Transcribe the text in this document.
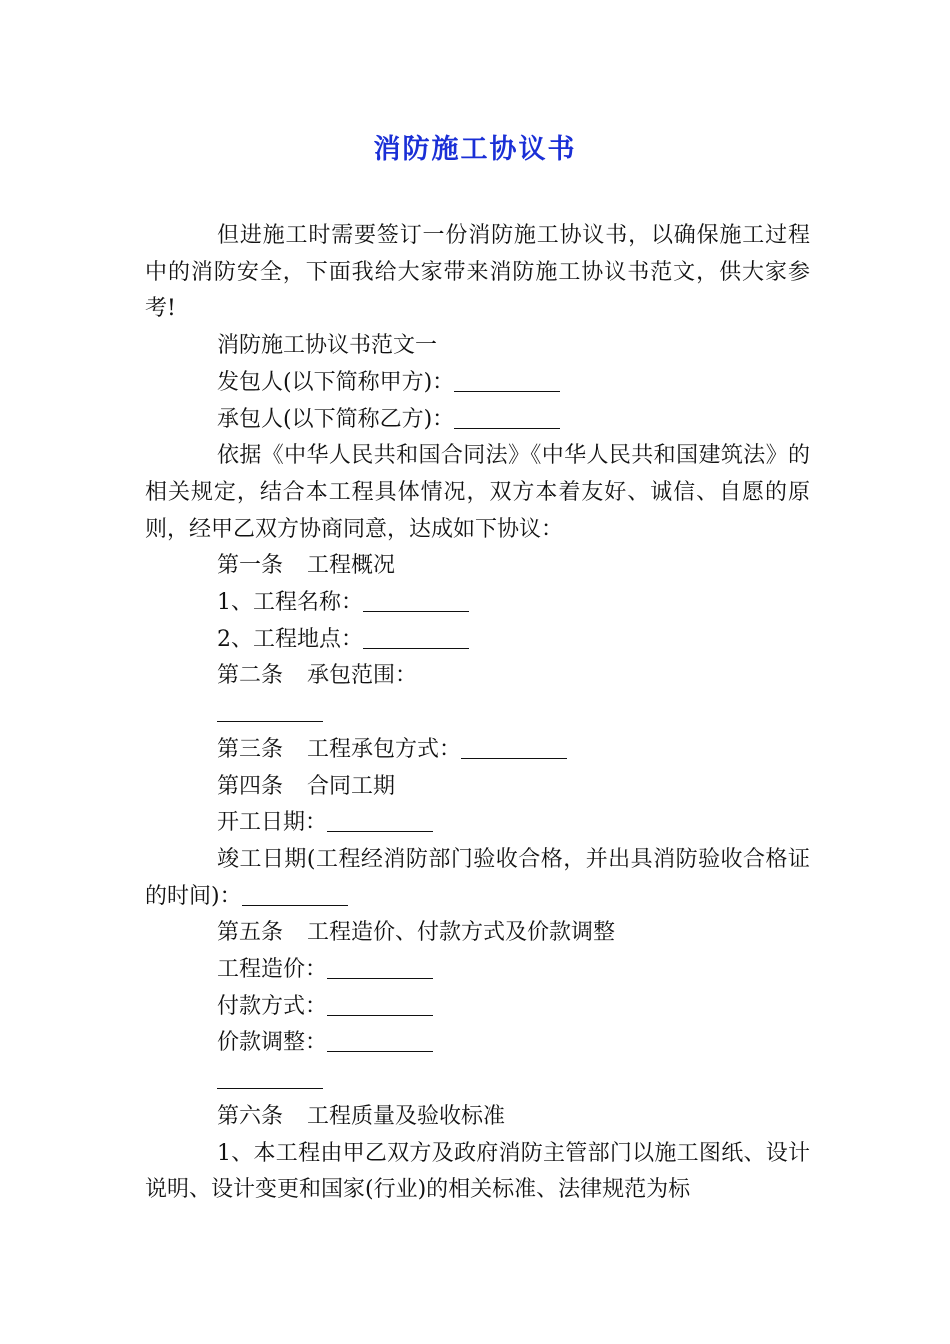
消防施工协议书

但进施工时需要签订一份消防施工协议书，以确保施工过程中的消防安全，下面我给大家带来消防施工协议书范文，供大家参考!

消防施工协议书范文一

发包人(以下简称甲方)：

承包人(以下简称乙方)：

依据《中华人民共和国合同法》《中华人民共和国建筑法》的相关规定，结合本工程具体情况，双方本着友好、诚信、自愿的原则，经甲乙双方协商同意，达成如下协议：

第一条 工程概况

1、工程名称：

2、工程地点：

第二条 承包范围：

第三条 工程承包方式：

第四条 合同工期

开工日期：

竣工日期(工程经消防部门验收合格，并出具消防验收合格证的时间)：

第五条 工程造价、付款方式及价款调整

工程造价：

付款方式：

价款调整：

第六条 工程质量及验收标准

1、本工程由甲乙双方及政府消防主管部门以施工图纸、设计说明、设计变更和国家(行业)的相关标准、法律规范为标
